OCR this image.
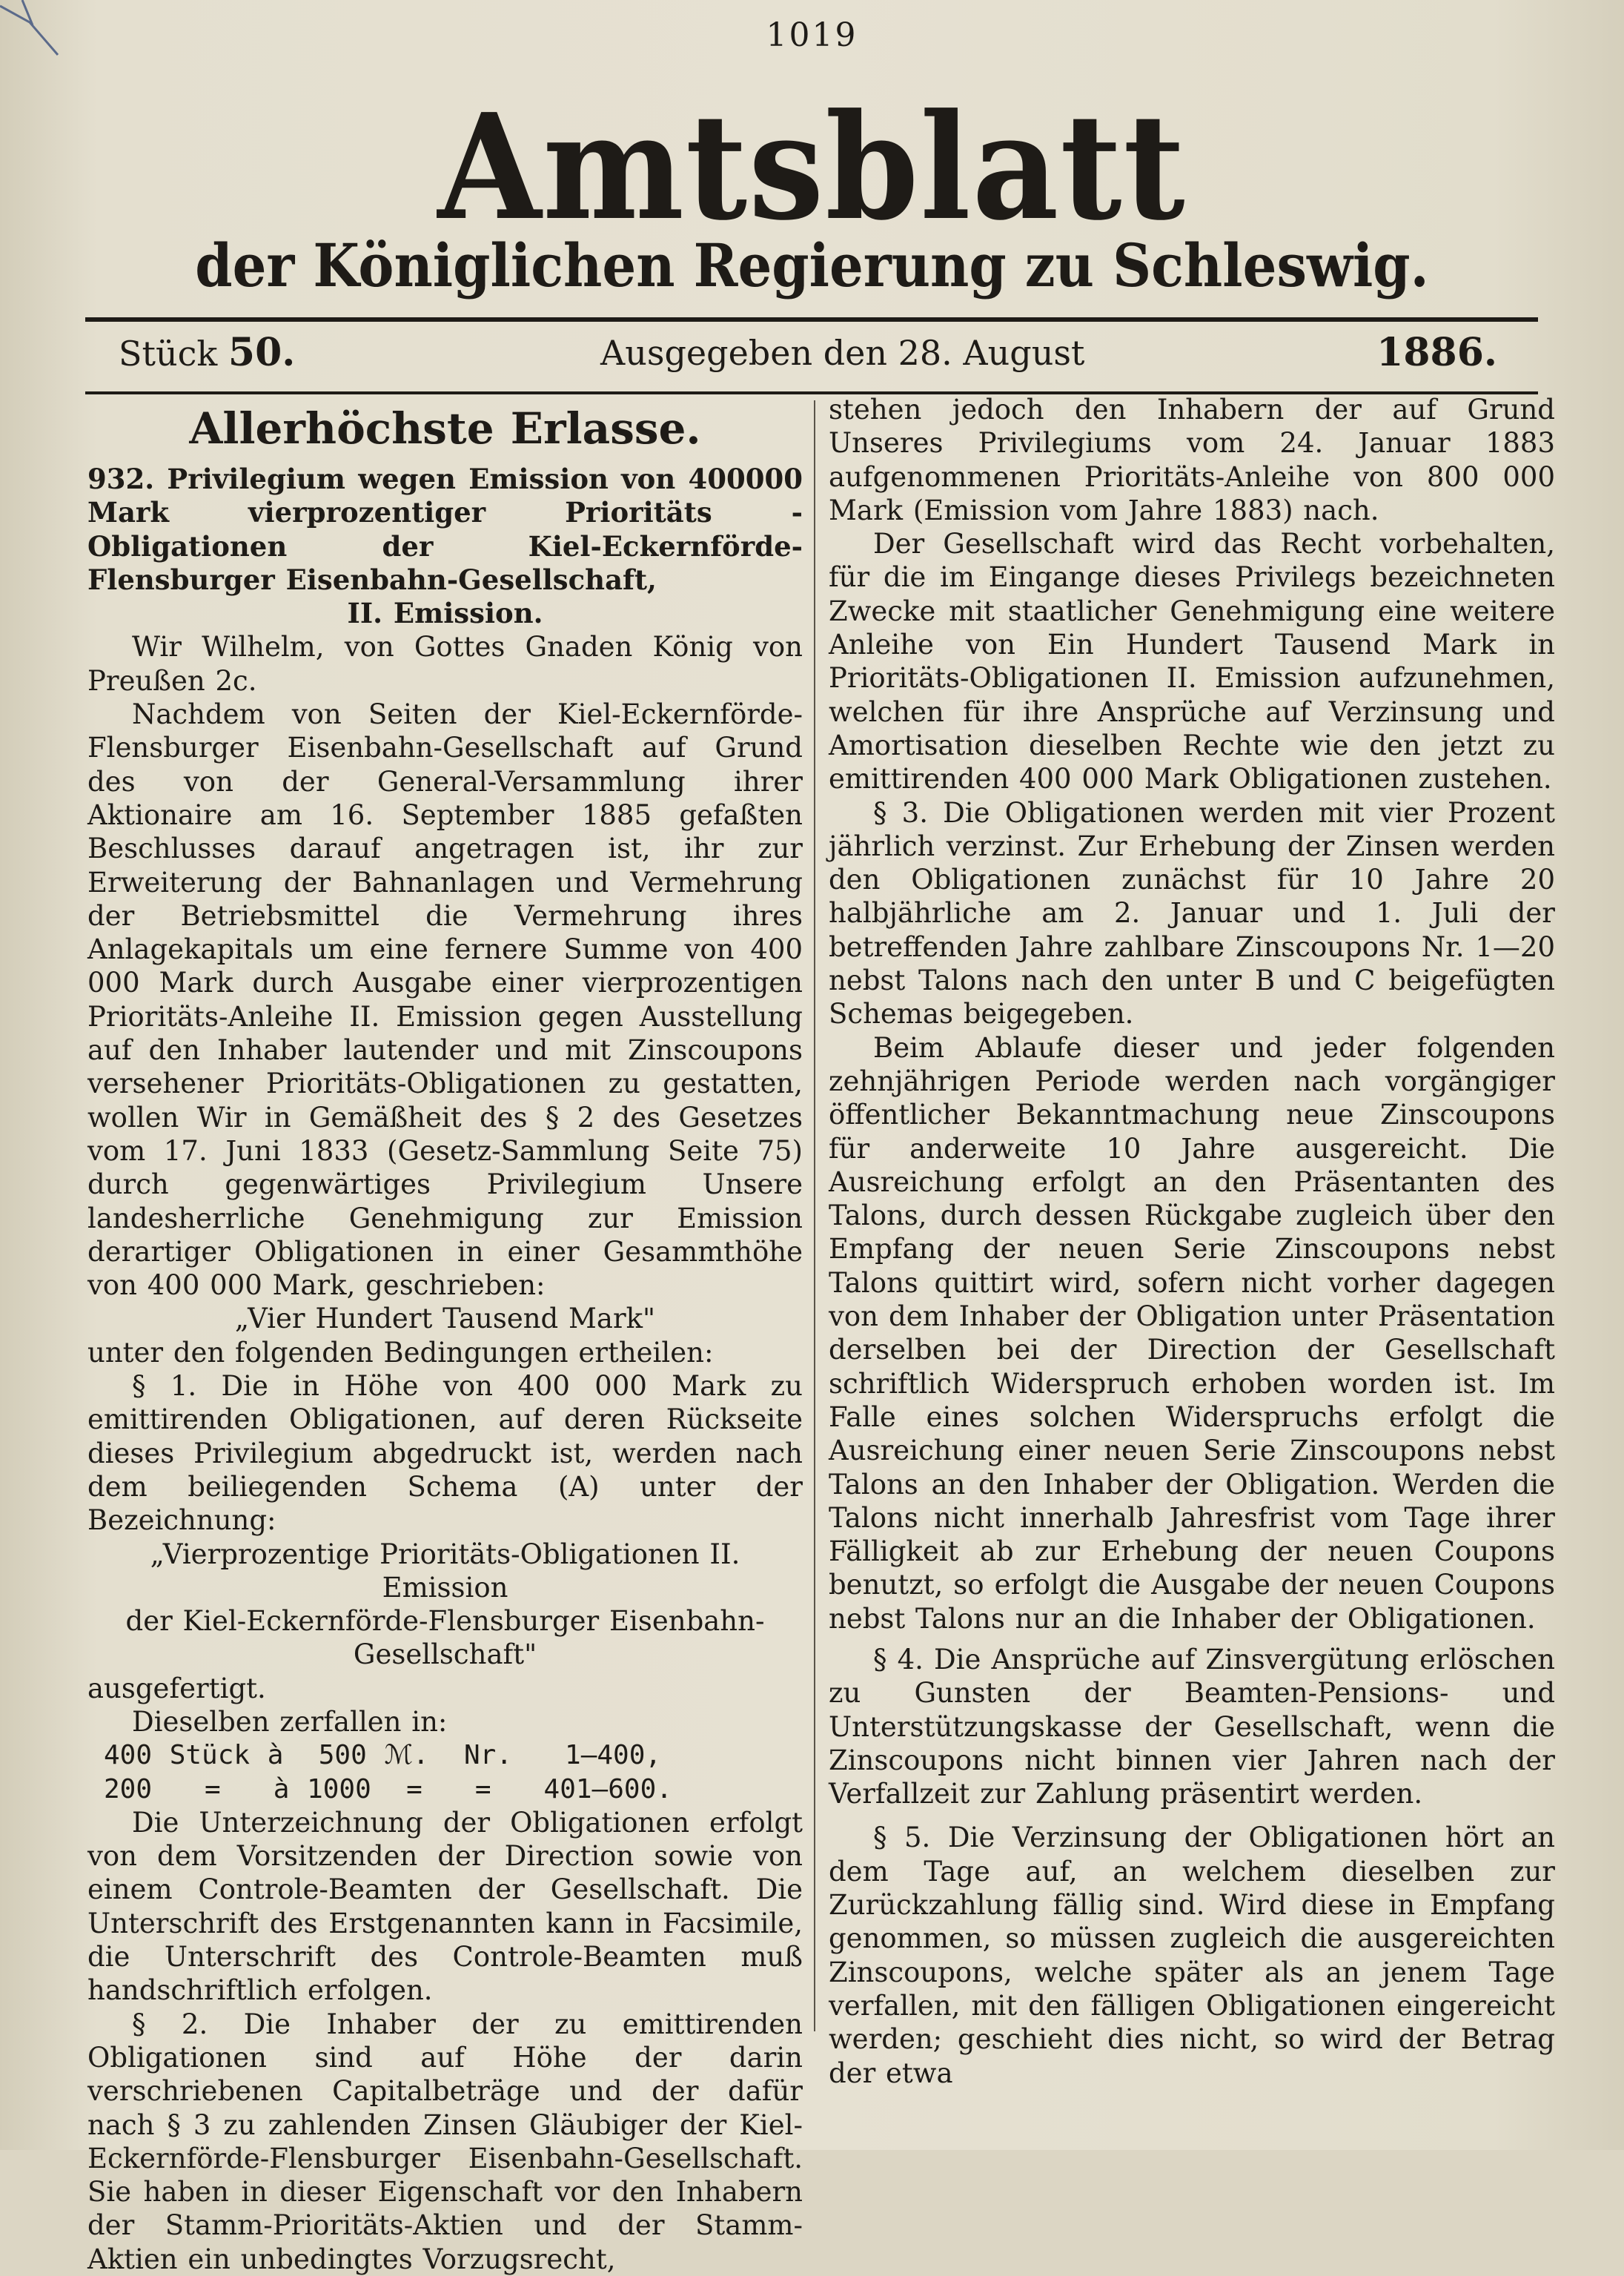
1019
Amtsblatt
der Königlichen Regierung zu Schleswig.
Stück 50.	Ausgegeben den 28. August	1886.
Allerhöchste Erlasse.

932. Privilegium wegen Emission von 400000 Mark vierprozentiger Prioritäts - Obligationen der Kiel-Eckernförde-Flensburger Eisenbahn-Gesellschaft,

II. Emission.

Wir Wilhelm, von Gottes Gnaden König von Preußen 2c.

Nachdem von Seiten der Kiel-Eckernförde-Flensburger Eisenbahn-Gesellschaft auf Grund des von der General-Versammlung ihrer Aktionaire am 16. September 1885 gefaßten Beschlusses darauf angetragen ist, ihr zur Erweiterung der Bahnanlagen und Vermehrung der Betriebsmittel die Vermehrung ihres Anlagekapitals um eine fernere Summe von 400 000 Mark durch Ausgabe einer vierprozentigen Prioritäts-Anleihe II. Emission gegen Ausstellung auf den Inhaber lautender und mit Zinscoupons versehener Prioritäts-Obligationen zu gestatten, wollen Wir in Gemäßheit des § 2 des Gesetzes vom 17. Juni 1833 (Gesetz-Sammlung Seite 75) durch gegenwärtiges Privilegium Unsere landesherrliche Genehmigung zur Emission derartiger Obligationen in einer Gesammthöhe von 400 000 Mark, geschrieben:

„Vier Hundert Tausend Mark"

unter den folgenden Bedingungen ertheilen:

§ 1. Die in Höhe von 400 000 Mark zu emittirenden Obligationen, auf deren Rückseite dieses Privilegium abgedruckt ist, werden nach dem beiliegenden Schema (A) unter der Bezeichnung:

„Vierprozentige Prioritäts-Obligationen II. Emission

der Kiel-Eckernförde-Flensburger Eisenbahn-

Gesellschaft"

ausgefertigt.

Dieselben zerfallen in:

400 Stück à  500 ℳ.  Nr.   1—400,
200   =   à 1000  =   =   401—600.

Die Unterzeichnung der Obligationen erfolgt von dem Vorsitzenden der Direction sowie von einem Controle-Beamten der Gesellschaft. Die Unterschrift des Erstgenannten kann in Facsimile, die Unterschrift des Controle-Beamten muß handschriftlich erfolgen.

§ 2. Die Inhaber der zu emittirenden Obligationen sind auf Höhe der darin verschriebenen Capitalbeträge und der dafür nach § 3 zu zahlenden Zinsen Gläubiger der Kiel-Eckernförde-Flensburger Eisenbahn-Gesellschaft. Sie haben in dieser Eigenschaft vor den Inhabern der Stamm-Prioritäts-Aktien und der Stamm-Aktien ein unbedingtes Vorzugsrecht,

stehen jedoch den Inhabern der auf Grund Unseres Privilegiums vom 24. Januar 1883 aufgenommenen Prioritäts-Anleihe von 800 000 Mark (Emission vom Jahre 1883) nach.

Der Gesellschaft wird das Recht vorbehalten, für die im Eingange dieses Privilegs bezeichneten Zwecke mit staatlicher Genehmigung eine weitere Anleihe von Ein Hundert Tausend Mark in Prioritäts-Obligationen II. Emission aufzunehmen, welchen für ihre Ansprüche auf Verzinsung und Amortisation dieselben Rechte wie den jetzt zu emittirenden 400 000 Mark Obligationen zustehen.

§ 3. Die Obligationen werden mit vier Prozent jährlich verzinst. Zur Erhebung der Zinsen werden den Obligationen zunächst für 10 Jahre 20 halbjährliche am 2. Januar und 1. Juli der betreffenden Jahre zahlbare Zinscoupons Nr. 1—20 nebst Talons nach den unter B und C beigefügten Schemas beigegeben.

Beim Ablaufe dieser und jeder folgenden zehnjährigen Periode werden nach vorgängiger öffentlicher Bekanntmachung neue Zinscoupons für anderweite 10 Jahre ausgereicht. Die Ausreichung erfolgt an den Präsentanten des Talons, durch dessen Rückgabe zugleich über den Empfang der neuen Serie Zinscoupons nebst Talons quittirt wird, sofern nicht vorher dagegen von dem Inhaber der Obligation unter Präsentation derselben bei der Direction der Gesellschaft schriftlich Widerspruch erhoben worden ist. Im Falle eines solchen Widerspruchs erfolgt die Ausreichung einer neuen Serie Zinscoupons nebst Talons an den Inhaber der Obligation. Werden die Talons nicht innerhalb Jahresfrist vom Tage ihrer Fälligkeit ab zur Erhebung der neuen Coupons benutzt, so erfolgt die Ausgabe der neuen Coupons nebst Talons nur an die Inhaber der Obligationen.

§ 4. Die Ansprüche auf Zinsvergütung erlöschen zu Gunsten der Beamten-Pensions- und Unterstützungskasse der Gesellschaft, wenn die Zinscoupons nicht binnen vier Jahren nach der Verfallzeit zur Zahlung präsentirt werden.

§ 5. Die Verzinsung der Obligationen hört an dem Tage auf, an welchem dieselben zur Zurückzahlung fällig sind. Wird diese in Empfang genommen, so müssen zugleich die ausgereichten Zinscoupons, welche später als an jenem Tage verfallen, mit den fälligen Obligationen eingereicht werden; geschieht dies nicht, so wird der Betrag der etwa
